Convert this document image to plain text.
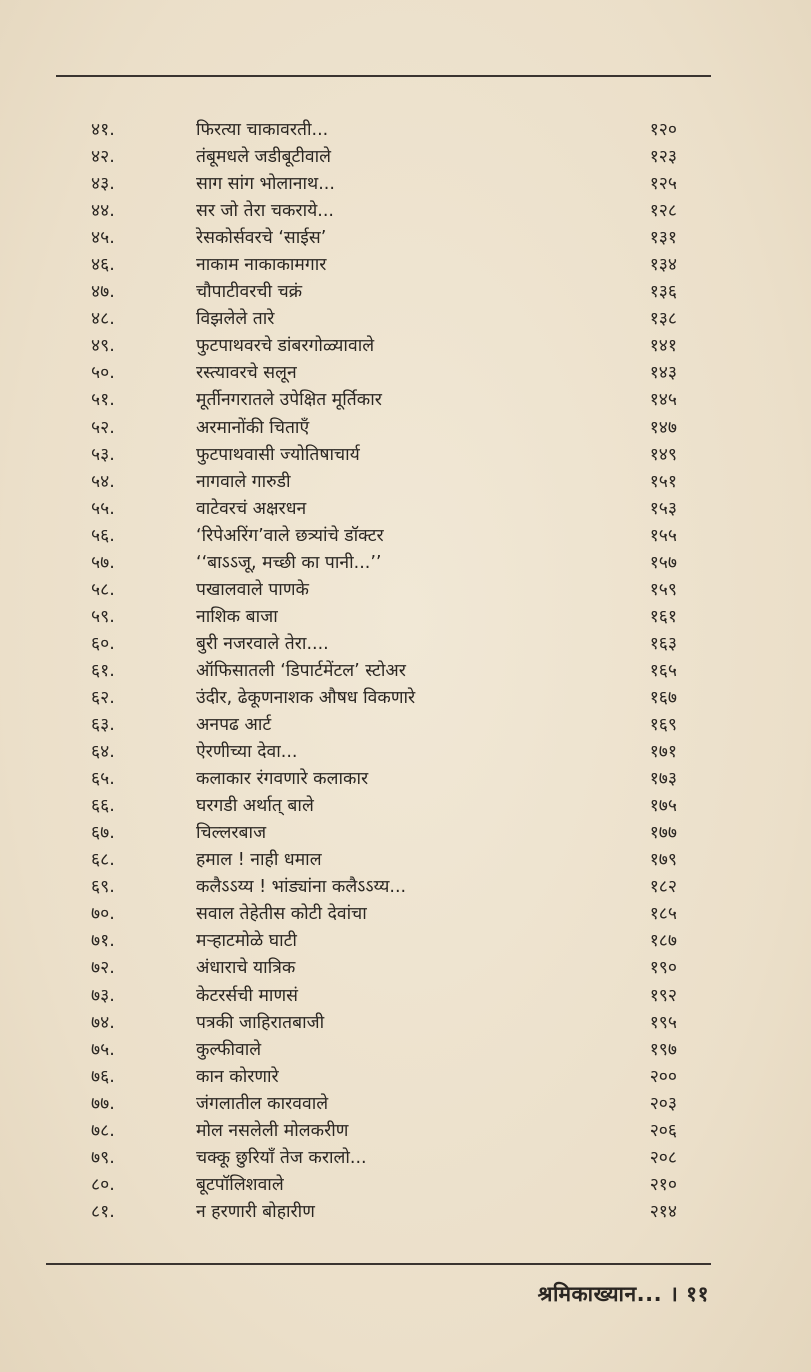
४१.	फिरत्या चाकावरती...	१२०
४२.	तंबूमधले जडीबूटीवाले	१२३
४३.	साग सांग भोलानाथ...	१२५
४४.	सर जो तेरा चकराये...	१२८
४५.	रेसकोर्सवरचे ‘साईस’	१३१
४६.	नाकाम नाकाकामगार	१३४
४७.	चौपाटीवरची चक्रं	१३६
४८.	विझलेले तारे	१३८
४९.	फुटपाथवरचे डांबरगोळ्यावाले	१४१
५०.	रस्त्यावरचे सलून	१४३
५१.	मूर्तीनगरातले उपेक्षित मूर्तिकार	१४५
५२.	अरमानोंकी चिताएँ	१४७
५३.	फुटपाथवासी ज्योतिषाचार्य	१४९
५४.	नागवाले गारुडी	१५१
५५.	वाटेवरचं अक्षरधन	१५३
५६.	‘रिपेअरिंग’वाले छत्र्यांचे डॉक्टर	१५५
५७.	‘‘बाऽऽजू, मच्छी का पानी...’’	१५७
५८.	पखालवाले पाणके	१५९
५९.	नाशिक बाजा	१६१
६०.	बुरी नजरवाले तेरा....	१६३
६१.	ऑफिसातली ‘डिपार्टमेंटल’ स्टोअर	१६५
६२.	उंदीर, ढेकूणनाशक औषध विकणारे	१६७
६३.	अनपढ आर्ट	१६९
६४.	ऐरणीच्या देवा...	१७१
६५.	कलाकार रंगवणारे कलाकार	१७३
६६.	घरगडी अर्थात् बाले	१७५
६७.	चिल्लरबाज	१७७
६८.	हमाल ! नाही धमाल	१७९
६९.	कलैऽऽय्य ! भांड्यांना कलैऽऽय्य...	१८२
७०.	सवाल तेहेतीस कोटी देवांचा	१८५
७१.	मऱ्हाटमोळे घाटी	१८७
७२.	अंधाराचे यात्रिक	१९०
७३.	केटरर्सची माणसं	१९२
७४.	पत्रकी जाहिरातबाजी	१९५
७५.	कुल्फीवाले	१९७
७६.	कान कोरणारे	२००
७७.	जंगलातील कारववाले	२०३
७८.	मोल नसलेली मोलकरीण	२०६
७९.	चक्कू छुरियाँ तेज करालो...	२०८
८०.	बूटपॉलिशवाले	२१०
८१.	न हरणारी बोहारीण	२१४
श्रमिकाख्यान... । ११
